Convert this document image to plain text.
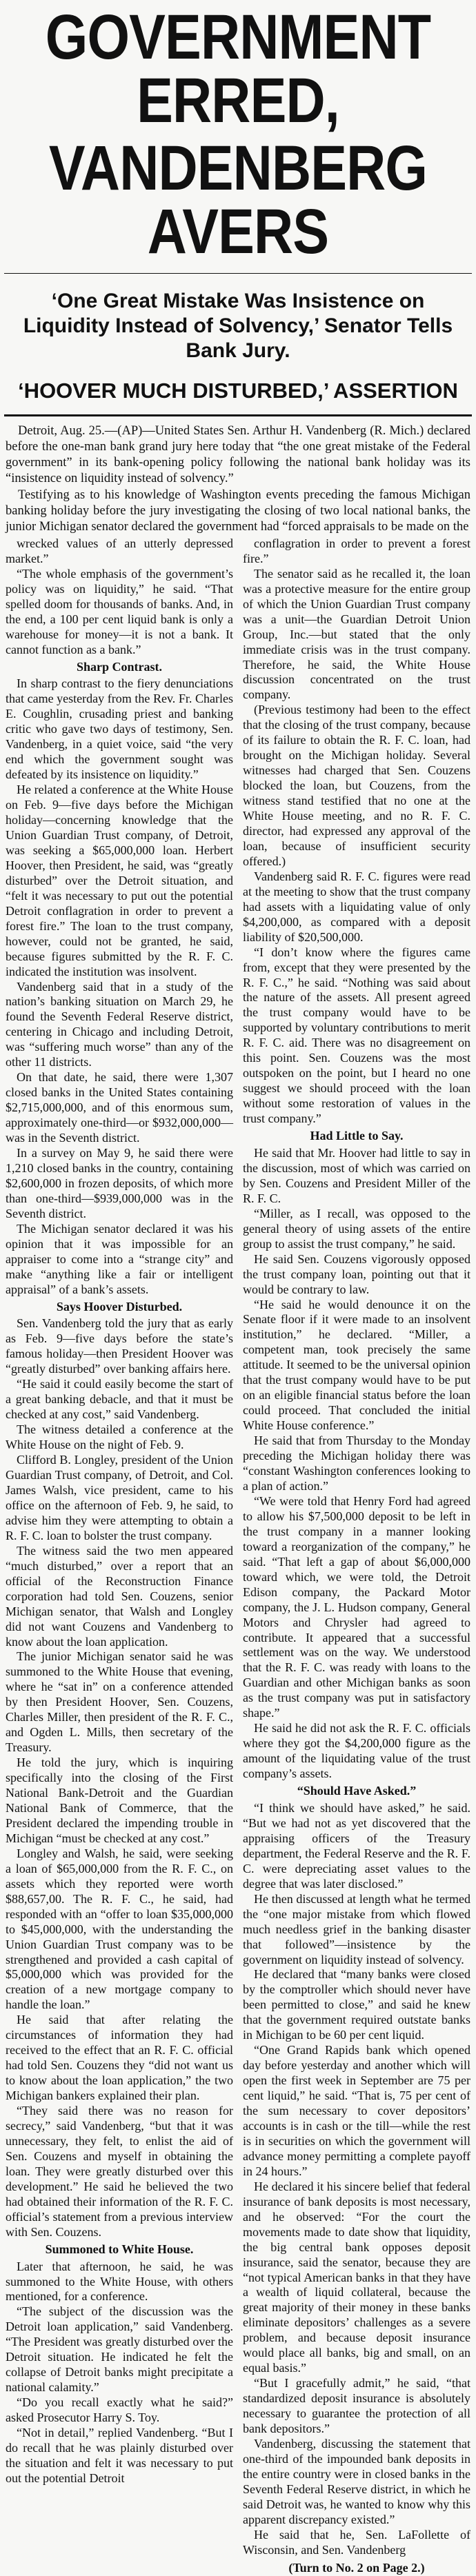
GOVERNMENT ERRED,
VANDENBERG AVERS
‘One Great Mistake Was Insistence on Liquidity Instead of Solvency,’ Senator Tells Bank Jury.
‘HOOVER MUCH DISTURBED,’ ASSERTION

Detroit, Aug. 25.—(AP)—United States Sen. Arthur H. Vandenberg (R. Mich.) declared before the one-man bank grand jury here today that “the one great mistake of the Federal government” in its bank-opening policy following the national bank holiday was its “insistence on liquidity instead of solvency.”

Testifying as to his knowledge of Washington events preceding the famous Michigan banking holiday before the jury investigating the closing of two local national banks, the junior Michigan senator declared the government had “forced appraisals to be made on the

wrecked values of an utterly depressed market.”

“The whole emphasis of the government’s policy was on liquidity,” he said. “That spelled doom for thousands of banks. And, in the end, a 100 per cent liquid bank is only a warehouse for money—it is not a bank. It cannot function as a bank.”

Sharp Contrast.

In sharp contrast to the fiery denunciations that came yesterday from the Rev. Fr. Charles E. Coughlin, crusading priest and banking critic who gave two days of testimony, Sen. Vandenberg, in a quiet voice, said “the very end which the government sought was defeated by its insistence on liquidity.”

He related a conference at the White House on Feb. 9—five days before the Michigan holiday—concerning knowledge that the Union Guardian Trust company, of Detroit, was seeking a $65,000,000 loan. Herbert Hoover, then President, he said, was “greatly disturbed” over the Detroit situation, and “felt it was necessary to put out the potential Detroit conflagration in order to prevent a forest fire.” The loan to the trust company, however, could not be granted, he said, because figures submitted by the R. F. C. indicated the institution was insolvent.

Vandenberg said that in a study of the nation’s banking situation on March 29, he found the Seventh Federal Reserve district, centering in Chicago and including Detroit, was “suffering much worse” than any of the other 11 districts.

On that date, he said, there were 1,307 closed banks in the United States containing $2,715,000,000, and of this enormous sum, approximately one-third—or $932,000,000—was in the Seventh district.

In a survey on May 9, he said there were 1,210 closed banks in the country, containing $2,600,000 in frozen deposits, of which more than one-third—$939,000,000 was in the Seventh district.

The Michigan senator declared it was his opinion that it was impossible for an appraiser to come into a “strange city” and make “anything like a fair or intelligent appraisal” of a bank’s assets.

Says Hoover Disturbed.

Sen. Vandenberg told the jury that as early as Feb. 9—five days before the state’s famous holiday—then President Hoover was “greatly disturbed” over banking affairs here.

“He said it could easily become the start of a great banking debacle, and that it must be checked at any cost,” said Vandenberg.

The witness detailed a conference at the White House on the night of Feb. 9.

Clifford B. Longley, president of the Union Guardian Trust company, of Detroit, and Col. James Walsh, vice president, came to his office on the afternoon of Feb. 9, he said, to advise him they were attempting to obtain a R. F. C. loan to bolster the trust company.

The witness said the two men appeared “much disturbed,” over a report that an official of the Reconstruction Finance corporation had told Sen. Couzens, senior Michigan senator, that Walsh and Longley did not want Couzens and Vandenberg to know about the loan application.

The junior Michigan senator said he was summoned to the White House that evening, where he “sat in” on a conference attended by then President Hoover, Sen. Couzens, Charles Miller, then president of the R. F. C., and Ogden L. Mills, then secretary of the Treasury.

He told the jury, which is inquiring specifically into the closing of the First National Bank-Detroit and the Guardian National Bank of Commerce, that the President declared the impending trouble in Michigan “must be checked at any cost.”

Longley and Walsh, he said, were seeking a loan of $65,000,000 from the R. F. C., on assets which they reported were worth $88,657,00. The R. F. C., he said, had responded with an “offer to loan $35,000,000 to $45,000,000, with the understanding the Union Guardian Trust company was to be strengthened and provided a cash capital of $5,000,000 which was provided for the creation of a new mortgage company to handle the loan.”

He said that after relating the circumstances of information they had received to the effect that an R. F. C. official had told Sen. Couzens they “did not want us to know about the loan application,” the two Michigan bankers explained their plan.

“They said there was no reason for secrecy,” said Vandenberg, “but that it was unnecessary, they felt, to enlist the aid of Sen. Couzens and myself in obtaining the loan. They were greatly disturbed over this development.” He said he believed the two had obtained their information of the R. F. C. official’s statement from a previous interview with Sen. Couzens.

Summoned to White House.

Later that afternoon, he said, he was summoned to the White House, with others mentioned, for a conference.

“The subject of the discussion was the Detroit loan application,” said Vandenberg. “The President was greatly disturbed over the Detroit situation. He indicated he felt the collapse of Detroit banks might precipitate a national calamity.”

“Do you recall exactly what he said?” asked Prosecutor Harry S. Toy.

“Not in detail,” replied Vandenberg. “But I do recall that he was plainly disturbed over the situation and felt it was necessary to put out the potential Detroit

conflagration in order to prevent a forest fire.”

The senator said as he recalled it, the loan was a protective measure for the entire group of which the Union Guardian Trust company was a unit—the Guardian Detroit Union Group, Inc.—but stated that the only immediate crisis was in the trust company. Therefore, he said, the White House discussion concentrated on the trust company.

(Previous testimony had been to the effect that the closing of the trust company, because of its failure to obtain the R. F. C. loan, had brought on the Michigan holiday. Several witnesses had charged that Sen. Couzens blocked the loan, but Couzens, from the witness stand testified that no one at the White House meeting, and no R. F. C. director, had expressed any approval of the loan, because of insufficient security offered.)

Vandenberg said R. F. C. figures were read at the meeting to show that the trust company had assets with a liquidating value of only $4,200,000, as compared with a deposit liability of $20,500,000.

“I don’t know where the figures came from, except that they were presented by the R. F. C.,” he said. “Nothing was said about the nature of the assets. All present agreed the trust company would have to be supported by voluntary contributions to merit R. F. C. aid. There was no disagreement on this point. Sen. Couzens was the most outspoken on the point, but I heard no one suggest we should proceed with the loan without some restoration of values in the trust company.”

Had Little to Say.

He said that Mr. Hoover had little to say in the discussion, most of which was carried on by Sen. Couzens and President Miller of the R. F. C.

“Miller, as I recall, was opposed to the general theory of using assets of the entire group to assist the trust company,” he said.

He said Sen. Couzens vigorously opposed the trust company loan, pointing out that it would be contrary to law.

“He said he would denounce it on the Senate floor if it were made to an insolvent institution,” he declared. “Miller, a competent man, took precisely the same attitude. It seemed to be the universal opinion that the trust company would have to be put on an eligible financial status before the loan could proceed. That concluded the initial White House conference.”

He said that from Thursday to the Monday preceding the Michigan holiday there was “constant Washington conferences looking to a plan of action.”

“We were told that Henry Ford had agreed to allow his $7,500,000 deposit to be left in the trust company in a manner looking toward a reorganization of the company,” he said. “That left a gap of about $6,000,000 toward which, we were told, the Detroit Edison company, the Packard Motor company, the J. L. Hudson company, General Motors and Chrysler had agreed to contribute. It appeared that a successful settlement was on the way. We understood that the R. F. C. was ready with loans to the Guardian and other Michigan banks as soon as the trust company was put in satisfactory shape.”

He said he did not ask the R. F. C. officials where they got the $4,200,000 figure as the amount of the liquidating value of the trust company’s assets.

“Should Have Asked.”

“I think we should have asked,” he said. “But we had not as yet discovered that the appraising officers of the Treasury department, the Federal Reserve and the R. F. C. were depreciating asset values to the degree that was later disclosed.”

He then discussed at length what he termed the “one major mistake from which flowed much needless grief in the banking disaster that followed”—insistence by the government on liquidity instead of solvency.

He declared that “many banks were closed by the comptroller which should never have been permitted to close,” and said he knew that the government required outstate banks in Michigan to be 60 per cent liquid.

“One Grand Rapids bank which opened day before yesterday and another which will open the first week in September are 75 per cent liquid,” he said. “That is, 75 per cent of the sum necessary to cover depositors’ accounts is in cash or the till—while the rest is in securities on which the government will advance money permitting a complete payoff in 24 hours.”

He declared it his sincere belief that federal insurance of bank deposits is most necessary, and he observed: “For the court the movements made to date show that liquidity, the big central bank opposes deposit insurance, said the senator, because they are “not typical American banks in that they have a wealth of liquid collateral, because the great majority of their money in these banks eliminate depositors’ challenges as a severe problem, and because deposit insurance would place all banks, big and small, on an equal basis.”

“But I gracefully admit,” he said, “that standardized deposit insurance is absolutely necessary to guarantee the protection of all bank depositors.”

Vandenberg, discussing the statement that one-third of the impounded bank deposits in the entire country were in closed banks in the Seventh Federal Reserve district, in which he said Detroit was, he wanted to know why this apparent discrepancy existed.”

He said that he, Sen. LaFollette of Wisconsin, and Sen. Vandenberg

(Turn to No. 2 on Page 2.)
